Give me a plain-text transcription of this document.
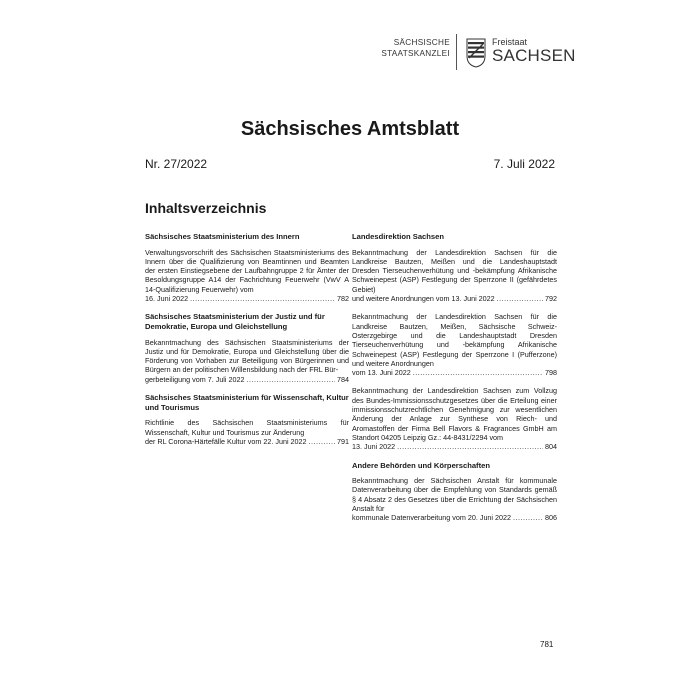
SÄCHSISCHE
STAATSKANZLEI
Freistaat
SACHSEN
Sächsisches Amtsblatt
Nr. 27/2022	7. Juli 2022
Inhaltsverzeichnis
Sächsisches Staatsministerium des Innern
Verwaltungsvorschrift des Sächsischen Staatsministeriums des Innern über die Qualifizierung von Beamtinnen und Beamten der ersten Einstiegsebene der Laufbahngruppe 2 für Ämter der Besoldungsgruppe A14 der Fachrichtung Feuerwehr (VwV A 14-Qualifizierung Feuerwehr) vom
16. Juni 2022 .....	782
Sächsisches Staatsministerium der Justiz und für Demokratie, Europa und Gleichstellung
Bekanntmachung des Sächsischen Staatsministeriums der Justiz und für Demokratie, Europa und Gleichstellung über die Förderung von Vorhaben zur Beteiligung von Bürgerinnen und Bürgern an der politischen Willensbildung nach der FRL Bür-
gerbeteiligung vom 7. Juli 2022 .....	784
Sächsisches Staatsministerium für Wissenschaft, Kultur und Tourismus
Richtlinie des Sächsischen Staatsministeriums für Wissenschaft, Kultur und Tourismus zur Änderung
der RL Corona-Härtefälle Kultur vom 22. Juni 2022 .....	791
Landesdirektion Sachsen
Bekanntmachung der Landesdirektion Sachsen für die Landkreise Bautzen, Meißen und die Landeshauptstadt Dresden Tierseuchenverhütung und -bekämpfung Afrikanische Schweinepest (ASP) Festlegung der Sperrzone II (gefährdetes Gebiet)
und weitere Anordnungen vom 13. Juni 2022 .....	792
Bekanntmachung der Landesdirektion Sachsen für die Landkreise Bautzen, Meißen, Sächsische Schweiz-Osterzgebirge und die Landeshauptstadt Dresden Tierseuchenverhütung und -bekämpfung Afrikanische Schweinepest (ASP) Festlegung der Sperrzone I (Pufferzone) und weitere Anordnungen
vom 13. Juni 2022 .....	798
Bekanntmachung der Landesdirektion Sachsen zum Vollzug des Bundes-Immissionsschutzgesetzes über die Erteilung einer immissionsschutzrechtlichen Genehmigung zur wesentlichen Änderung der Anlage zur Synthese von Riech- und Aromastoffen der Firma Bell Flavors & Fragrances GmbH am Standort 04205 Leipzig Gz.: 44-8431/2294 vom
13. Juni 2022 .....	804
Andere Behörden und Körperschaften
Bekanntmachung der Sächsischen Anstalt für kommunale Datenverarbeitung über die Empfehlung von Standards gemäß § 4 Absatz 2 des Gesetzes über die Errichtung der Sächsischen Anstalt für
kommunale Datenverarbeitung vom 20. Juni 2022 .....	806
781
